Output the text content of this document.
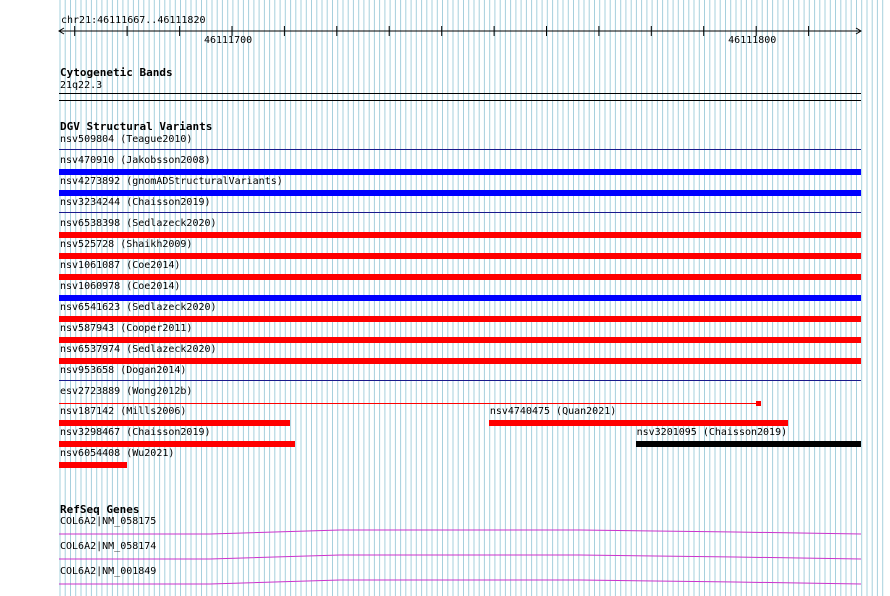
chr21:46111667..46111820
46111700	46111800
Cytogenetic Bands
21q22.3
DGV Structural Variants
nsv509804 (Teague2010)
nsv470910 (Jakobsson2008)
nsv4273892 (gnomADStructuralVariants)
nsv3234244 (Chaisson2019)
nsv6538398 (Sedlazeck2020)
nsv525728 (Shaikh2009)
nsv1061087 (Coe2014)
nsv1060978 (Coe2014)
nsv6541623 (Sedlazeck2020)
nsv587943 (Cooper2011)
nsv6537974 (Sedlazeck2020)
nsv953658 (Dogan2014)
esv2723889 (Wong2012b)
nsv187142 (Mills2006)	nsv4740475 (Quan2021)
nsv3298467 (Chaisson2019)	nsv3201095 (Chaisson2019)
nsv6054408 (Wu2021)
RefSeq Genes
COL6A2|NM_058175
COL6A2|NM_058174
COL6A2|NM_001849
